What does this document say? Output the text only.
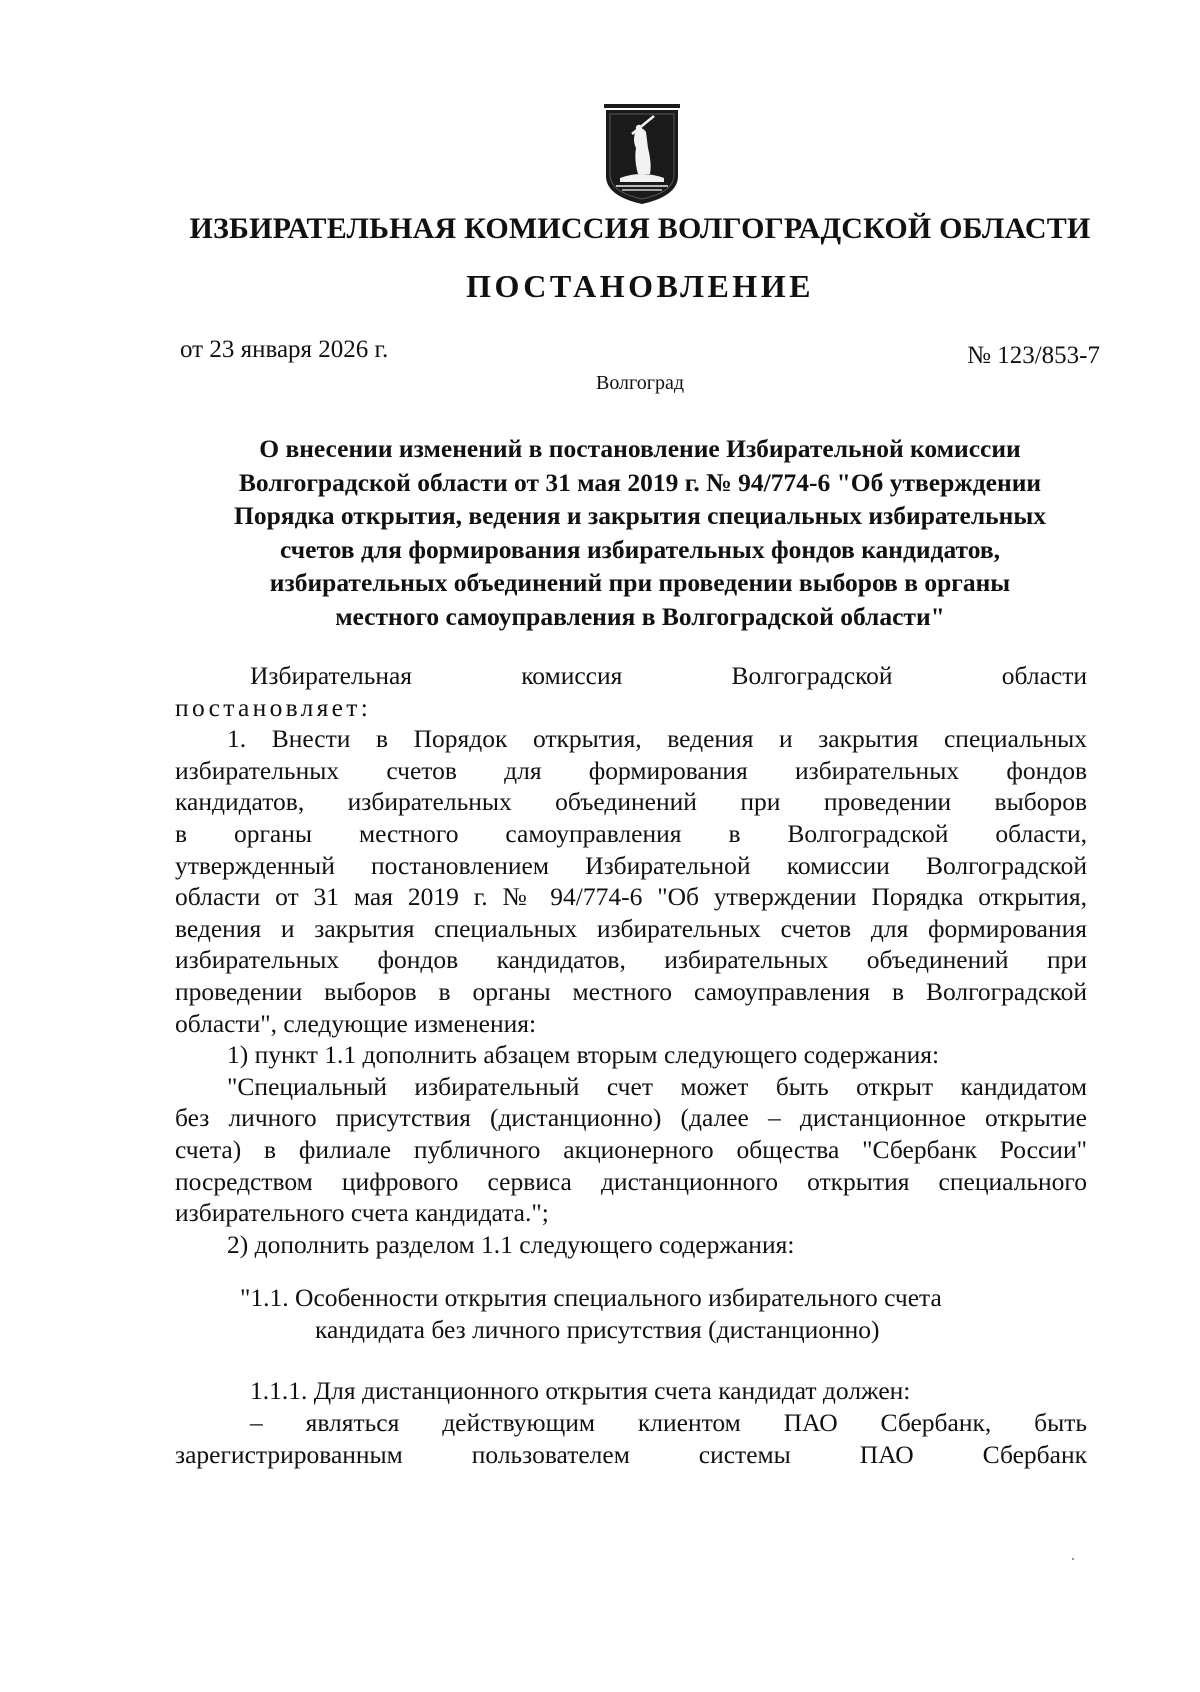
ИЗБИРАТЕЛЬНАЯ КОМИССИЯ ВОЛГОГРАДСКОЙ ОБЛАСТИ
ПОСТАНОВЛЕНИЕ
от 23 января 2026 г.	№ 123/853-7
Волгоград
О внесении изменений в постановление Избирательной комиссии
Волгоградской области от 31 мая 2019 г. № 94/774-6 "Об утверждении
Порядка открытия, ведения и закрытия специальных избирательных
счетов для формирования избирательных фондов кандидатов,
избирательных объединений при проведении выборов в органы
местного самоуправления в Волгоградской области"
Избирательная комиссия Волгоградской области
постановляет:
1. Внести в Порядок открытия, ведения и закрытия специальных
избирательных счетов для формирования избирательных фондов
кандидатов, избирательных объединений при проведении выборов
в органы местного самоуправления в Волгоградской области,
утвержденный постановлением Избирательной комиссии Волгоградской
области от 31 мая 2019 г. № 94/774-6 "Об утверждении Порядка открытия,
ведения и закрытия специальных избирательных счетов для формирования
избирательных фондов кандидатов, избирательных объединений при
проведении выборов в органы местного самоуправления в Волгоградской
области", следующие изменения:
1) пункт 1.1 дополнить абзацем вторым следующего содержания:
"Специальный избирательный счет может быть открыт кандидатом
без личного присутствия (дистанционно) (далее – дистанционное открытие
счета) в филиале публичного акционерного общества "Сбербанк России"
посредством цифрового сервиса дистанционного открытия специального
избирательного счета кандидата.";
2) дополнить разделом 1.1 следующего содержания:
"1.1. Особенности открытия специального избирательного счета
кандидата без личного присутствия (дистанционно)
1.1.1. Для дистанционного открытия счета кандидат должен:
– являться действующим клиентом ПАО Сбербанк, быть
зарегистрированным пользователем системы ПАО Сбербанк
